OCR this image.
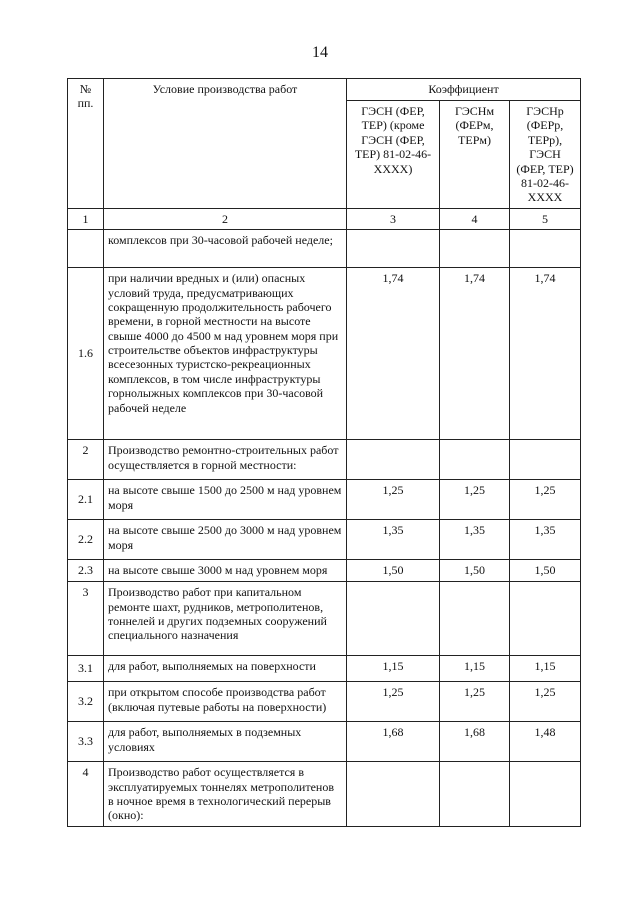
14
№ пп.	Условие производства работ	Коэффициент		
		ГЭСН (ФЕР, ТЕР) (кроме ГЭСН (ФЕР, ТЕР) 81-02-46-XXXX)	ГЭСНм (ФЕРм, ТЕРм)	ГЭСНр (ФЕРр, ТЕРр), ГЭСН (ФЕР, ТЕР) 81-02-46-XXXX
1	2	3	4	5
	комплексов при 30-часовой рабочей неделе;			
1.6	при наличии вредных и (или) опасных условий труда, предусматривающих сокращенную продолжительность рабочего времени, в горной местности на высоте свыше 4000 до 4500 м над уровнем моря при строительстве объектов инфраструктуры всесезонных туристско-рекреационных комплексов, в том числе инфраструктуры горнолыжных комплексов при 30-часовой рабочей неделе	1,74	1,74	1,74
2	Производство ремонтно-строительных работ осуществляется в горной местности:			
2.1	на высоте свыше 1500 до 2500 м над уровнем моря	1,25	1,25	1,25
2.2	на высоте свыше 2500 до 3000 м над уровнем моря	1,35	1,35	1,35
2.3	на высоте свыше 3000 м над уровнем моря	1,50	1,50	1,50
3	Производство работ при капитальном ремонте шахт, рудников, метрополитенов, тоннелей и других подземных сооружений специального назначения			
3.1	для работ, выполняемых на поверхности	1,15	1,15	1,15
3.2	при открытом способе производства работ (включая путевые работы на поверхности)	1,25	1,25	1,25
3.3	для работ, выполняемых в подземных условиях	1,68	1,68	1,48
4	Производство работ осуществляется в эксплуатируемых тоннелях метрополитенов в ночное время в технологический перерыв (окно):			
